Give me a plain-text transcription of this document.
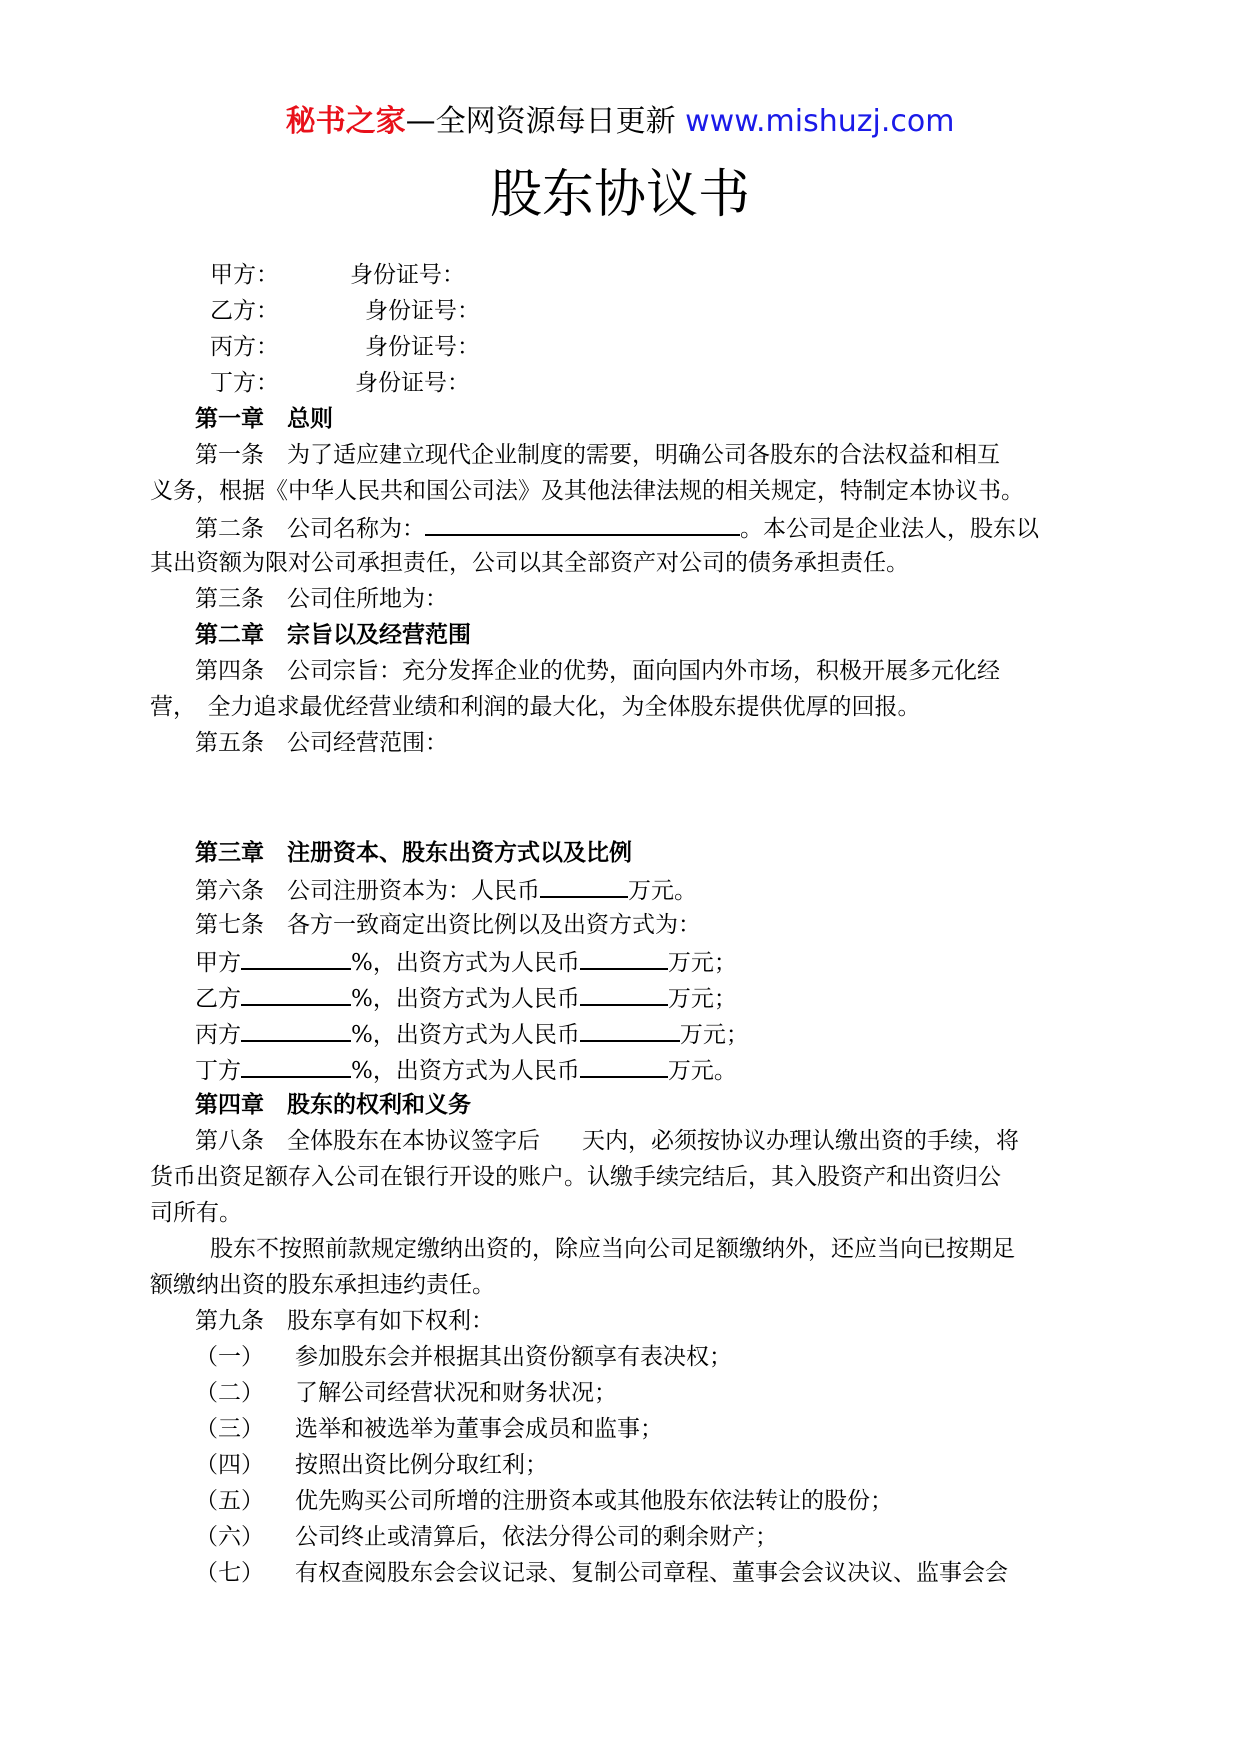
秘书之家—全网资源每日更新 www.mishuzj.com
股东协议书
甲方：	身份证号：
乙方：	身份证号：
丙方：	身份证号：
丁方：	身份证号：
第一章　总则
第一条　为了适应建立现代企业制度的需要，明确公司各股东的合法权益和相互
义务，根据《中华人民共和国公司法》及其他法律法规的相关规定，特制定本协议书。
第二条　公司名称为：	。本公司是企业法人，股东以
其出资额为限对公司承担责任，公司以其全部资产对公司的债务承担责任。
第三条　公司住所地为：
第二章　宗旨以及经营范围
第四条　公司宗旨：充分发挥企业的优势，面向国内外市场，积极开展多元化经
营，　全力追求最优经营业绩和利润的最大化，为全体股东提供优厚的回报。
第五条　公司经营范围：
第三章　注册资本、股东出资方式以及比例
第六条　公司注册资本为：人民币	万元。
第七条　各方一致商定出资比例以及出资方式为：
甲方	%，出资方式为人民币	万元；
乙方	%，出资方式为人民币	万元；
丙方	%，出资方式为人民币	万元；
丁方	%，出资方式为人民币	万元。
第四章　股东的权利和义务
第八条　全体股东在本协议签字后 天内，必须按协议办理认缴出资的手续，将
货币出资足额存入公司在银行开设的账户。认缴手续完结后，其入股资产和出资归公
司所有。
股东不按照前款规定缴纳出资的，除应当向公司足额缴纳外，还应当向已按期足
额缴纳出资的股东承担违约责任。
第九条　股东享有如下权利：
（一） 参加股东会并根据其出资份额享有表决权；
（二） 了解公司经营状况和财务状况；
（三） 选举和被选举为董事会成员和监事；
（四） 按照出资比例分取红利；
（五） 优先购买公司所增的注册资本或其他股东依法转让的股份；
（六） 公司终止或清算后，依法分得公司的剩余财产；
（七） 有权查阅股东会会议记录、复制公司章程、董事会会议决议、监事会会
